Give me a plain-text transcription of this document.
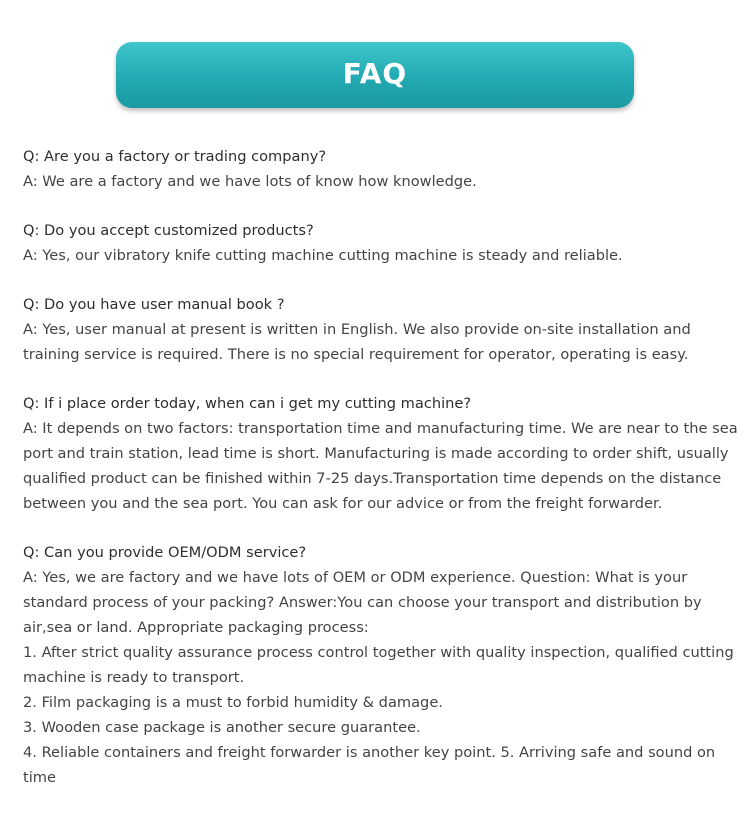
FAQ
Q: Are you a factory or trading company?
A: We are a factory and we have lots of know how knowledge.
Q: Do you accept customized products?
A: Yes, our vibratory knife cutting machine cutting machine is steady and reliable.
Q: Do you have user manual book ?
A: Yes, user manual at present is written in English. We also provide on-site installation and
training service is required. There is no special requirement for operator, operating is easy.
Q: If i place order today, when can i get my cutting machine?
A: It depends on two factors: transportation time and manufacturing time. We are near to the sea
port and train station, lead time is short. Manufacturing is made according to order shift, usually
qualified product can be finished within 7-25 days.Transportation time depends on the distance
between you and the sea port. You can ask for our advice or from the freight forwarder.
Q: Can you provide OEM/ODM service?
A: Yes, we are factory and we have lots of OEM or ODM experience. Question: What is your
standard process of your packing? Answer:You can choose your transport and distribution by
air,sea or land. Appropriate packaging process:
1. After strict quality assurance process control together with quality inspection, qualified cutting
machine is ready to transport.
2. Film packaging is a must to forbid humidity & damage.
3. Wooden case package is another secure guarantee.
4. Reliable containers and freight forwarder is another key point. 5. Arriving safe and sound on
time
